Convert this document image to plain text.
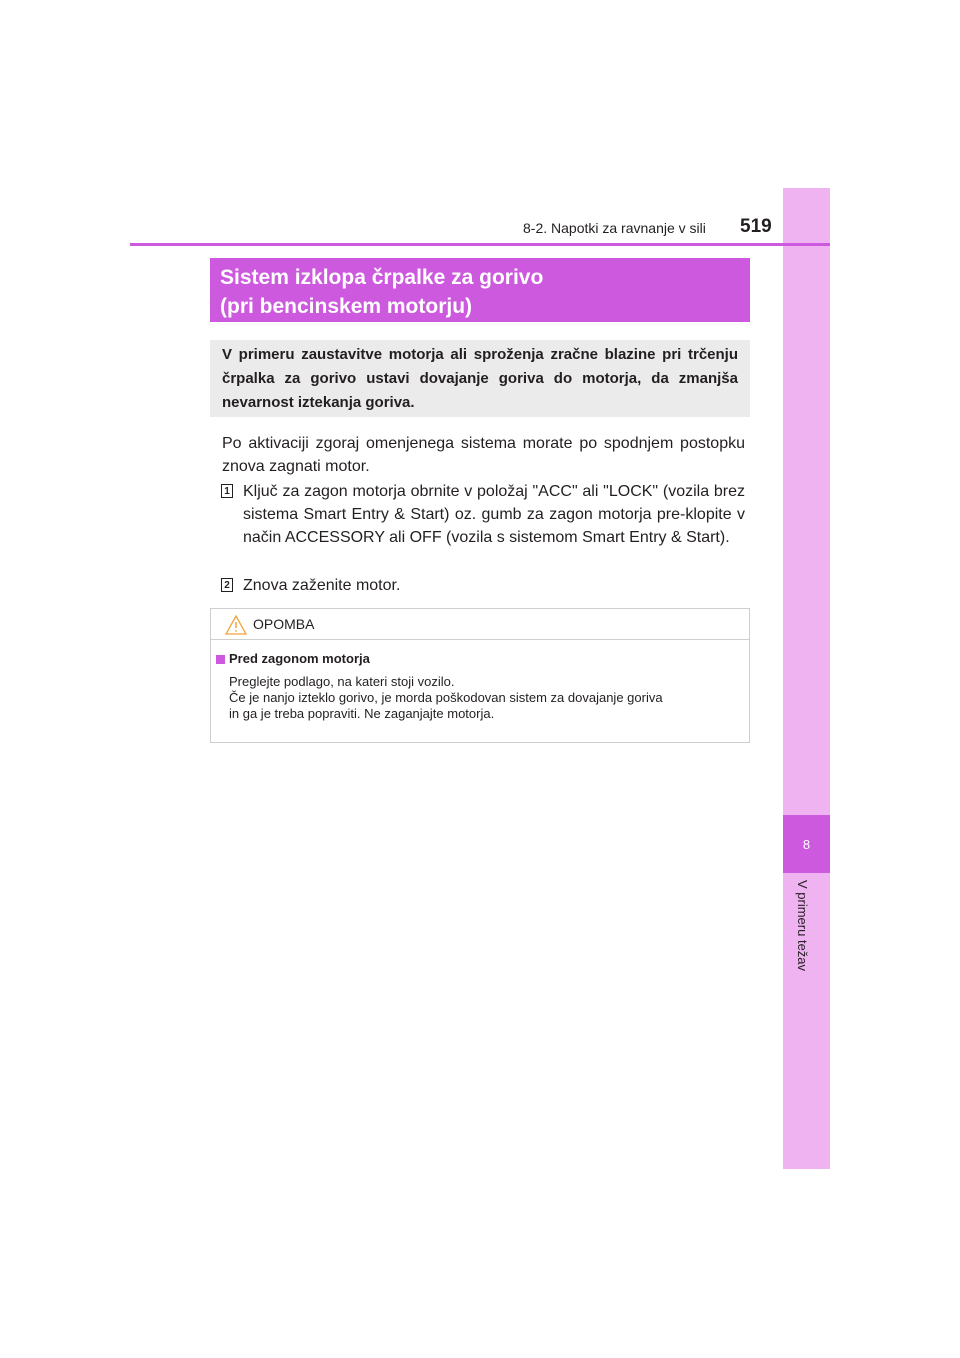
8
V primeru težav
8-2. Napotki za ravnanje v sili 519
Sistem izklopa črpalke za gorivo
(pri bencinskem motorju)
V primeru zaustavitve motorja ali sproženja zračne blazine pri trčenju črpalka za gorivo ustavi dovajanje goriva do motorja, da zmanjša nevarnost iztekanja goriva.
Po aktivaciji zgoraj omenjenega sistema morate po spodnjem postopku znova zagnati motor.
1 Ključ za zagon motorja obrnite v položaj "ACC" ali "LOCK" (vozila brez sistema Smart Entry & Start) oz. gumb za zagon motorja pre-klopite v način ACCESSORY ali OFF (vozila s sistemom Smart Entry & Start).
2 Znova zaženite motor.
OPOMBA
Pred zagonom motorja
Preglejte podlago, na kateri stoji vozilo.
Če je nanjo izteklo gorivo, je morda poškodovan sistem za dovajanje goriva
in ga je treba popraviti. Ne zaganjajte motorja.
